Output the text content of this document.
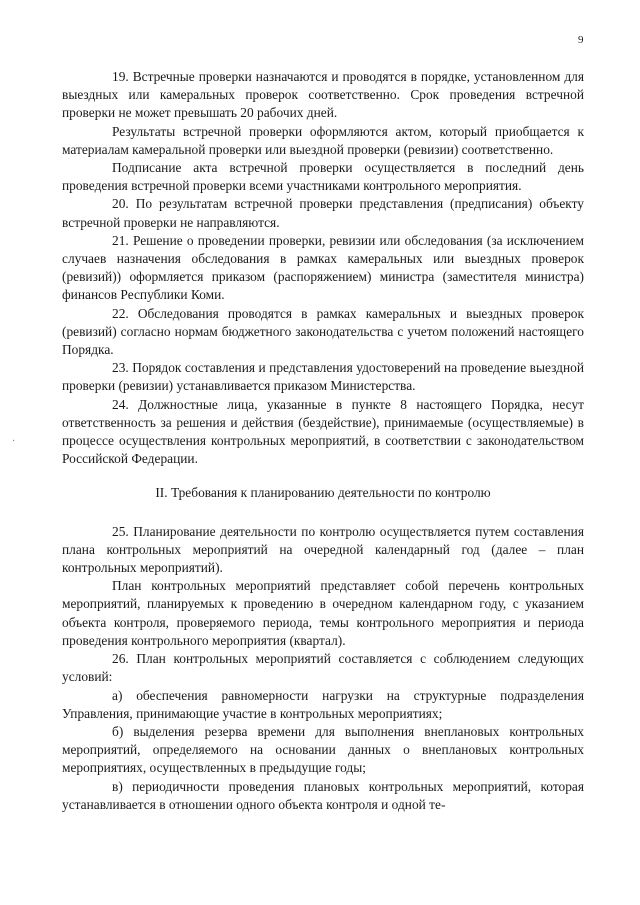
9
·

19. Встречные проверки назначаются и проводятся в порядке, установленном для выездных или камеральных проверок соответственно. Срок проведения встречной проверки не может превышать 20 рабочих дней.

Результаты встречной проверки оформляются актом, который приобщается к материалам камеральной проверки или выездной проверки (ревизии) соответственно.

Подписание акта встречной проверки осуществляется в последний день проведения встречной проверки всеми участниками контрольного мероприятия.

20. По результатам встречной проверки представления (предписания) объекту встречной проверки не направляются.

21. Решение о проведении проверки, ревизии или обследования (за исключением случаев назначения обследования в рамках камеральных или выездных проверок (ревизий)) оформляется приказом (распоряжением) министра (заместителя министра) финансов Республики Коми.

22. Обследования проводятся в рамках камеральных и выездных проверок (ревизий) согласно нормам бюджетного законодательства с учетом положений настоящего Порядка.

23. Порядок составления и представления удостоверений на проведение выездной проверки (ревизии) устанавливается приказом Министерства.

24. Должностные лица, указанные в пункте 8 настоящего Порядка, несут ответственность за решения и действия (бездействие), принимаемые (осуществляемые) в процессе осуществления контрольных мероприятий, в соответствии с законодательством Российской Федерации.

II. Требования к планированию деятельности по контролю

25. Планирование деятельности по контролю осуществляется путем составления плана контрольных мероприятий на очередной календарный год (далее – план контрольных мероприятий).

План контрольных мероприятий представляет собой перечень контрольных мероприятий, планируемых к проведению в очередном календарном году, с указанием объекта контроля, проверяемого периода, темы контрольного мероприятия и периода проведения контрольного мероприятия (квартал).

26. План контрольных мероприятий составляется с соблюдением следующих условий:

а) обеспечения равномерности нагрузки на структурные подразделения Управления, принимающие участие в контрольных мероприятиях;

б) выделения резерва времени для выполнения внеплановых контрольных мероприятий, определяемого на основании данных о внеплановых контрольных мероприятиях, осуществленных в предыдущие годы;

в) периодичности проведения плановых контрольных мероприятий, которая устанавливается в отношении одного объекта контроля и одной те-
